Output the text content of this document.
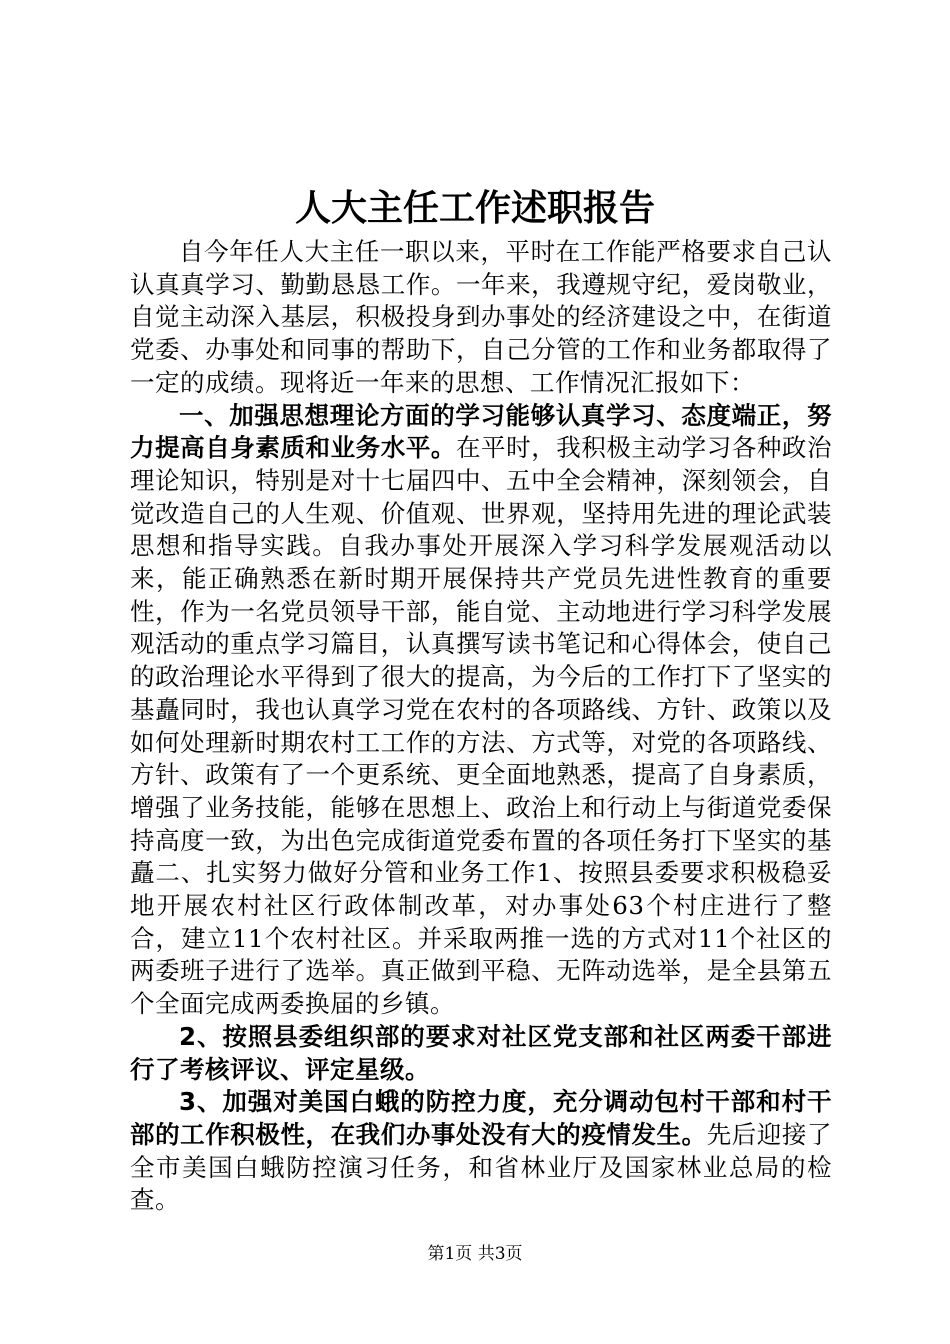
人大主任工作述职报告

自今年任人大主任一职以来，平时在工作能严格要求自己认认真真学习、勤勤恳恳工作。一年来，我遵规守纪，爱岗敬业，自觉主动深入基层，积极投身到办事处的经济建设之中，在街道党委、办事处和同事的帮助下，自己分管的工作和业务都取得了一定的成绩。现将近一年来的思想、工作情况汇报如下：

一、加强思想理论方面的学习能够认真学习、态度端正，努力提高自身素质和业务水平。在平时，我积极主动学习各种政治理论知识，特别是对十七届四中、五中全会精神，深刻领会，自觉改造自己的人生观、价值观、世界观，坚持用先进的理论武装思想和指导实践。自我办事处开展深入学习科学发展观活动以来，能正确熟悉在新时期开展保持共产党员先进性教育的重要性，作为一名党员领导干部，能自觉、主动地进行学习科学发展观活动的重点学习篇目，认真撰写读书笔记和心得体会，使自己的政治理论水平得到了很大的提高，为今后的工作打下了坚实的基矗同时，我也认真学习党在农村的各项路线、方针、政策以及如何处理新时期农村工工作的方法、方式等，对党的各项路线、方针、政策有了一个更系统、更全面地熟悉，提高了自身素质，增强了业务技能，能够在思想上、政治上和行动上与街道党委保持高度一致，为出色完成街道党委布置的各项任务打下坚实的基矗二、扎实努力做好分管和业务工作1、按照县委要求积极稳妥地开展农村社区行政体制改革，对办事处63个村庄进行了整合，建立11个农村社区。并采取两推一选的方式对11个社区的两委班子进行了选举。真正做到平稳、无阵动选举，是全县第五个全面完成两委换届的乡镇。

2、按照县委组织部的要求对社区党支部和社区两委干部进行了考核评议、评定星级。

3、加强对美国白蛾的防控力度，充分调动包村干部和村干部的工作积极性，在我们办事处没有大的疫情发生。先后迎接了全市美国白蛾防控演习任务，和省林业厅及国家林业总局的检查。

第1页 共3页
